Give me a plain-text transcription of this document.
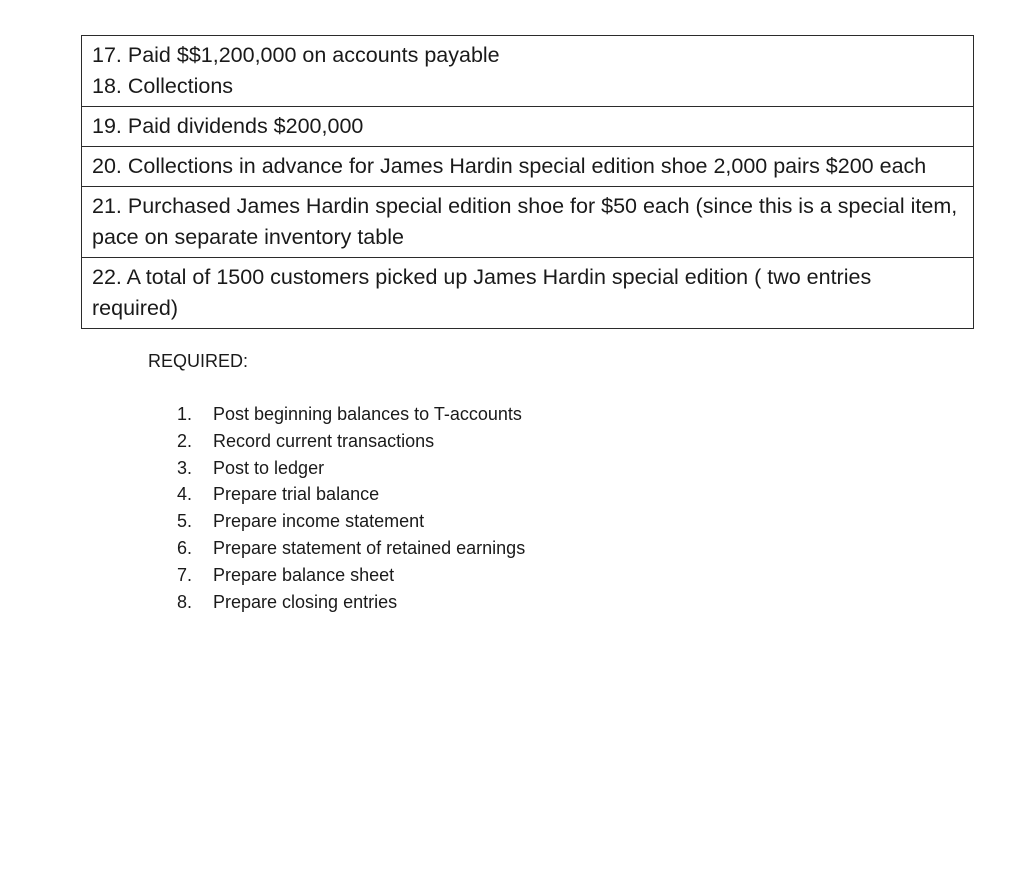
17. Paid $$1,200,000 on accounts payable
18. Collections
19. Paid dividends $200,000
20. Collections in advance for James Hardin special edition shoe 2,000 pairs $200 each
21. Purchased James Hardin special edition shoe for $50 each (since this is a special item, pace on separate inventory table
22. A total of 1500 customers picked up James Hardin special edition ( two entries required)
REQUIRED:
1.	Post beginning balances to T-accounts
2.	Record current transactions
3.	Post to ledger
4.	Prepare trial balance
5.	Prepare income statement
6.	Prepare statement of retained earnings
7.	Prepare balance sheet
8.	Prepare closing entries
